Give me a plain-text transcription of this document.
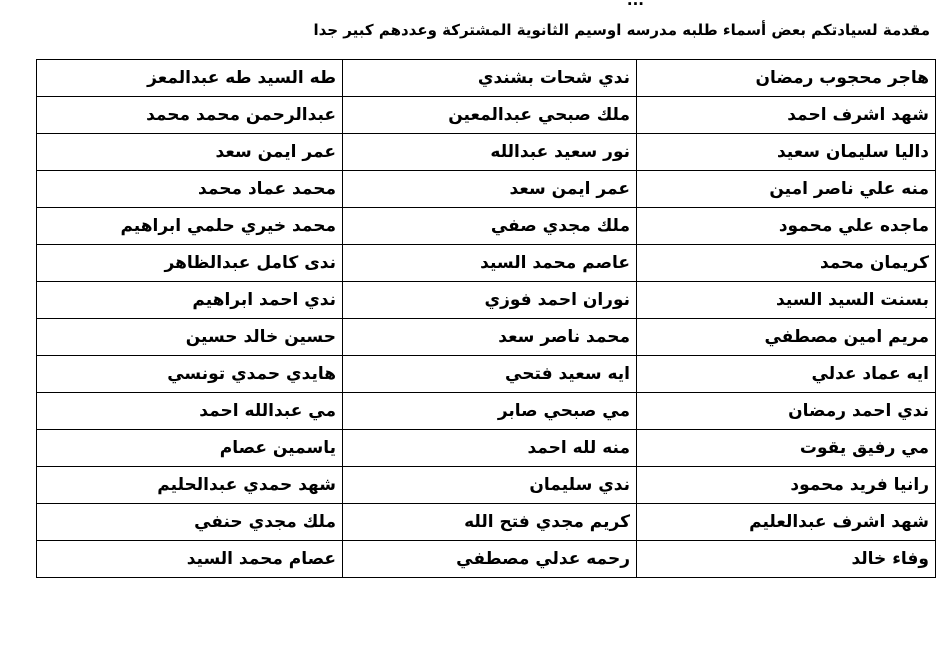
...
مقدمة لسيادتكم بعض أسماء طلبه مدرسه اوسيم الثانوية المشتركة وعددهم كبير جدا
هاجر محجوب رمضان	ندي شحات بشندي	طه السيد طه عبدالمعز
شهد اشرف احمد	ملك صبحي عبدالمعين	عبدالرحمن محمد محمد
داليا سليمان سعيد	نور سعيد عبدالله	عمر ايمن سعد
منه علي ناصر امين	عمر ايمن سعد	محمد عماد محمد
ماجده علي محمود	ملك مجدي صفي	محمد خيري حلمي ابراهيم
كريمان محمد	عاصم محمد السيد	ندى كامل عبدالظاهر
بسنت السيد السيد	نوران احمد فوزي	ندي احمد ابراهيم
مريم امين مصطفي	محمد ناصر سعد	حسين خالد حسين
ايه عماد عدلي	ايه سعيد فتحي	هايدي حمدي تونسي
ندي احمد رمضان	مي صبحي صابر	مي عبدالله احمد
مي رفيق يقوت	منه لله احمد	ياسمين عصام
رانيا فريد محمود	ندي سليمان	شهد حمدي عبدالحليم
شهد اشرف عبدالعليم	كريم مجدي فتح الله	ملك مجدي حنفي
وفاء خالد	رحمه عدلي مصطفي	عصام محمد السيد
